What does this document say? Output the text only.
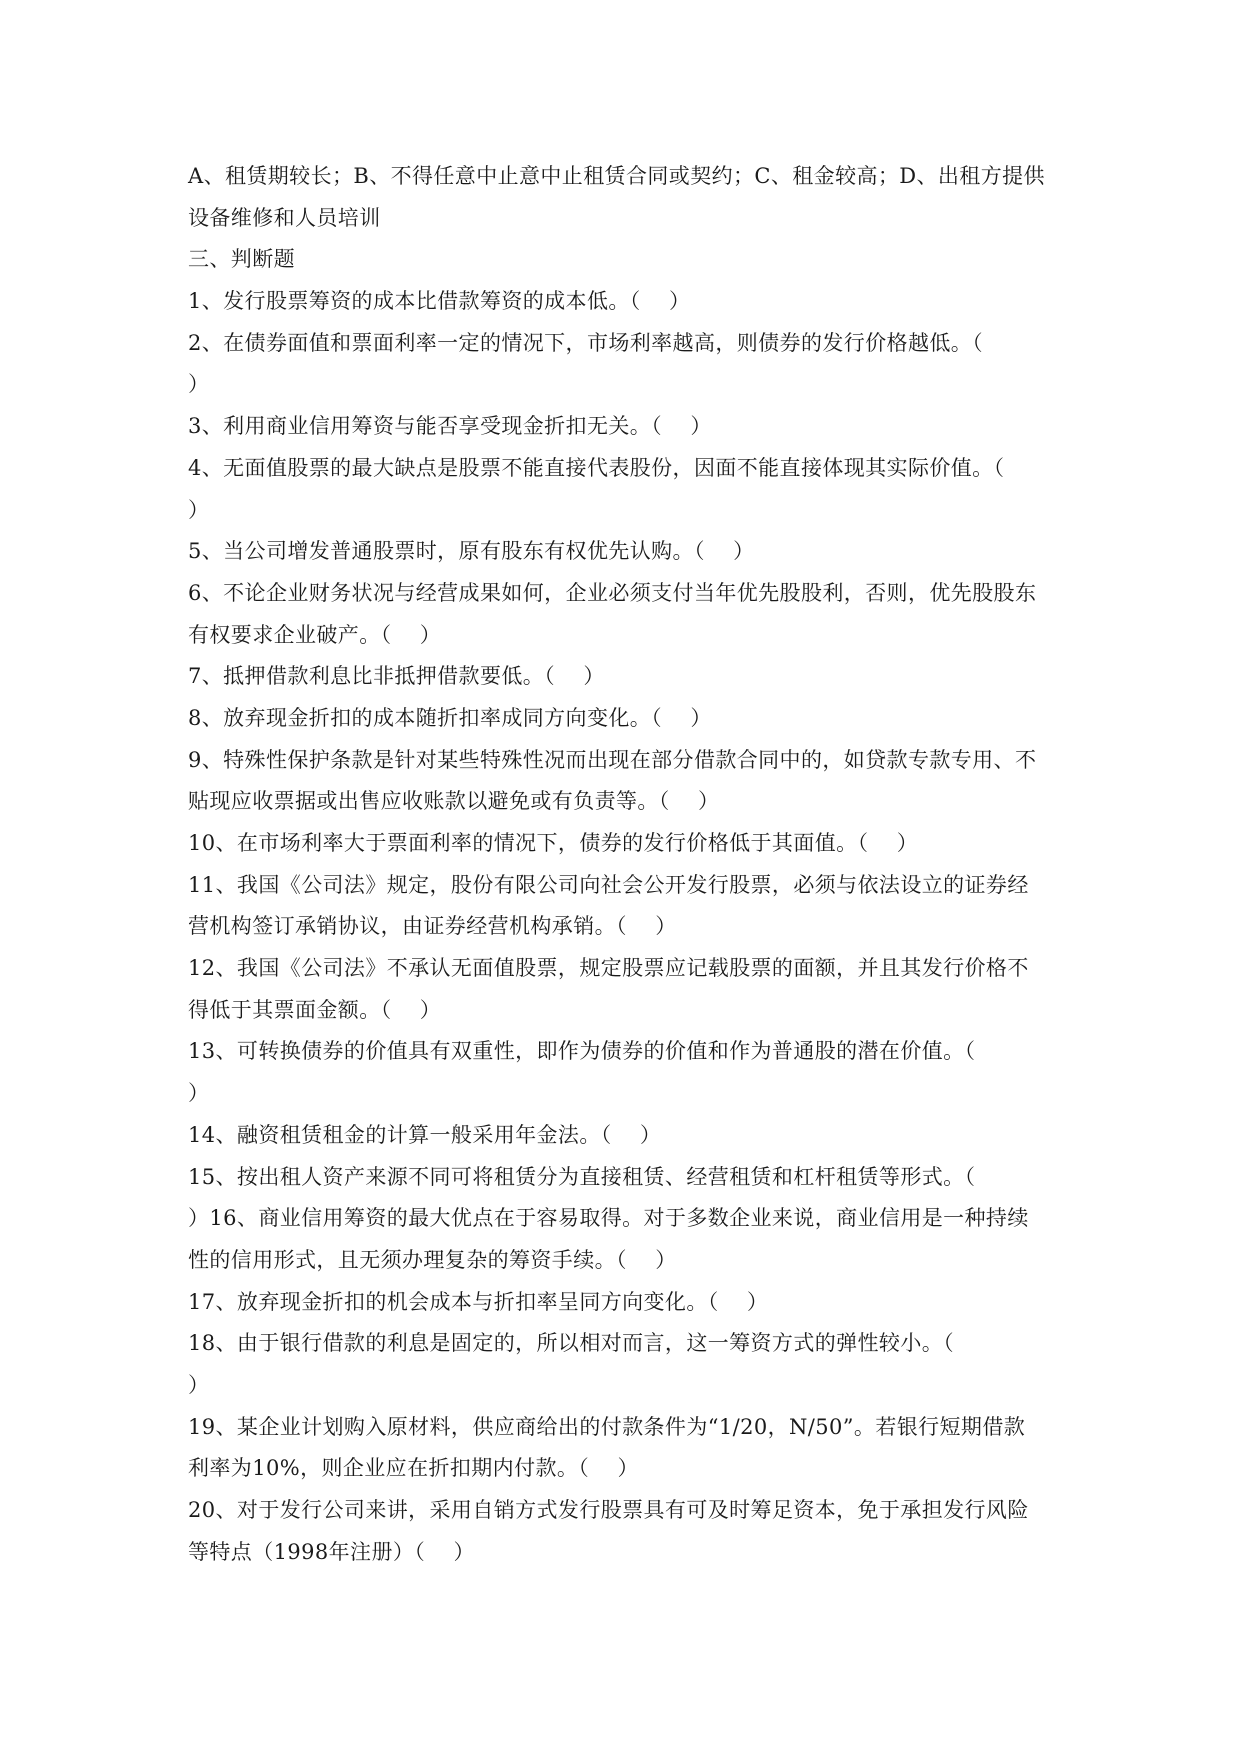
A、租赁期较长；B、不得任意中止意中止租赁合同或契约；C、租金较高；D、出租方提供
设备维修和人员培训
三、判断题
1、发行股票筹资的成本比借款筹资的成本低。（    ）
2、在债券面值和票面利率一定的情况下，市场利率越高，则债券的发行价格越低。（
）
3、利用商业信用筹资与能否享受现金折扣无关。（    ）
4、无面值股票的最大缺点是股票不能直接代表股份，因面不能直接体现其实际价值。（
）
5、当公司增发普通股票时，原有股东有权优先认购。（    ）
6、不论企业财务状况与经营成果如何，企业必须支付当年优先股股利，否则，优先股股东
有权要求企业破产。（    ）
7、抵押借款利息比非抵押借款要低。（    ）
8、放弃现金折扣的成本随折扣率成同方向变化。（    ）
9、特殊性保护条款是针对某些特殊性况而出现在部分借款合同中的，如贷款专款专用、不
贴现应收票据或出售应收账款以避免或有负责等。（    ）
10、在市场利率大于票面利率的情况下，债券的发行价格低于其面值。（    ）
11、我国《公司法》规定，股份有限公司向社会公开发行股票，必须与依法设立的证券经
营机构签订承销协议，由证券经营机构承销。（    ）
12、我国《公司法》不承认无面值股票，规定股票应记载股票的面额，并且其发行价格不
得低于其票面金额。（    ）
13、可转换债券的价值具有双重性，即作为债券的价值和作为普通股的潜在价值。（
）
14、融资租赁租金的计算一般采用年金法。（    ）
15、按出租人资产来源不同可将租赁分为直接租赁、经营租赁和杠杆租赁等形式。（
）16、商业信用筹资的最大优点在于容易取得。对于多数企业来说，商业信用是一种持续
性的信用形式，且无须办理复杂的筹资手续。（    ）
17、放弃现金折扣的机会成本与折扣率呈同方向变化。（    ）
18、由于银行借款的利息是固定的，所以相对而言，这一筹资方式的弹性较小。（
）
19、某企业计划购入原材料，供应商给出的付款条件为“1/20，N/50”。若银行短期借款
利率为10%，则企业应在折扣期内付款。（    ）
20、对于发行公司来讲，采用自销方式发行股票具有可及时筹足资本，免于承担发行风险
等特点（1998年注册）（    ）
